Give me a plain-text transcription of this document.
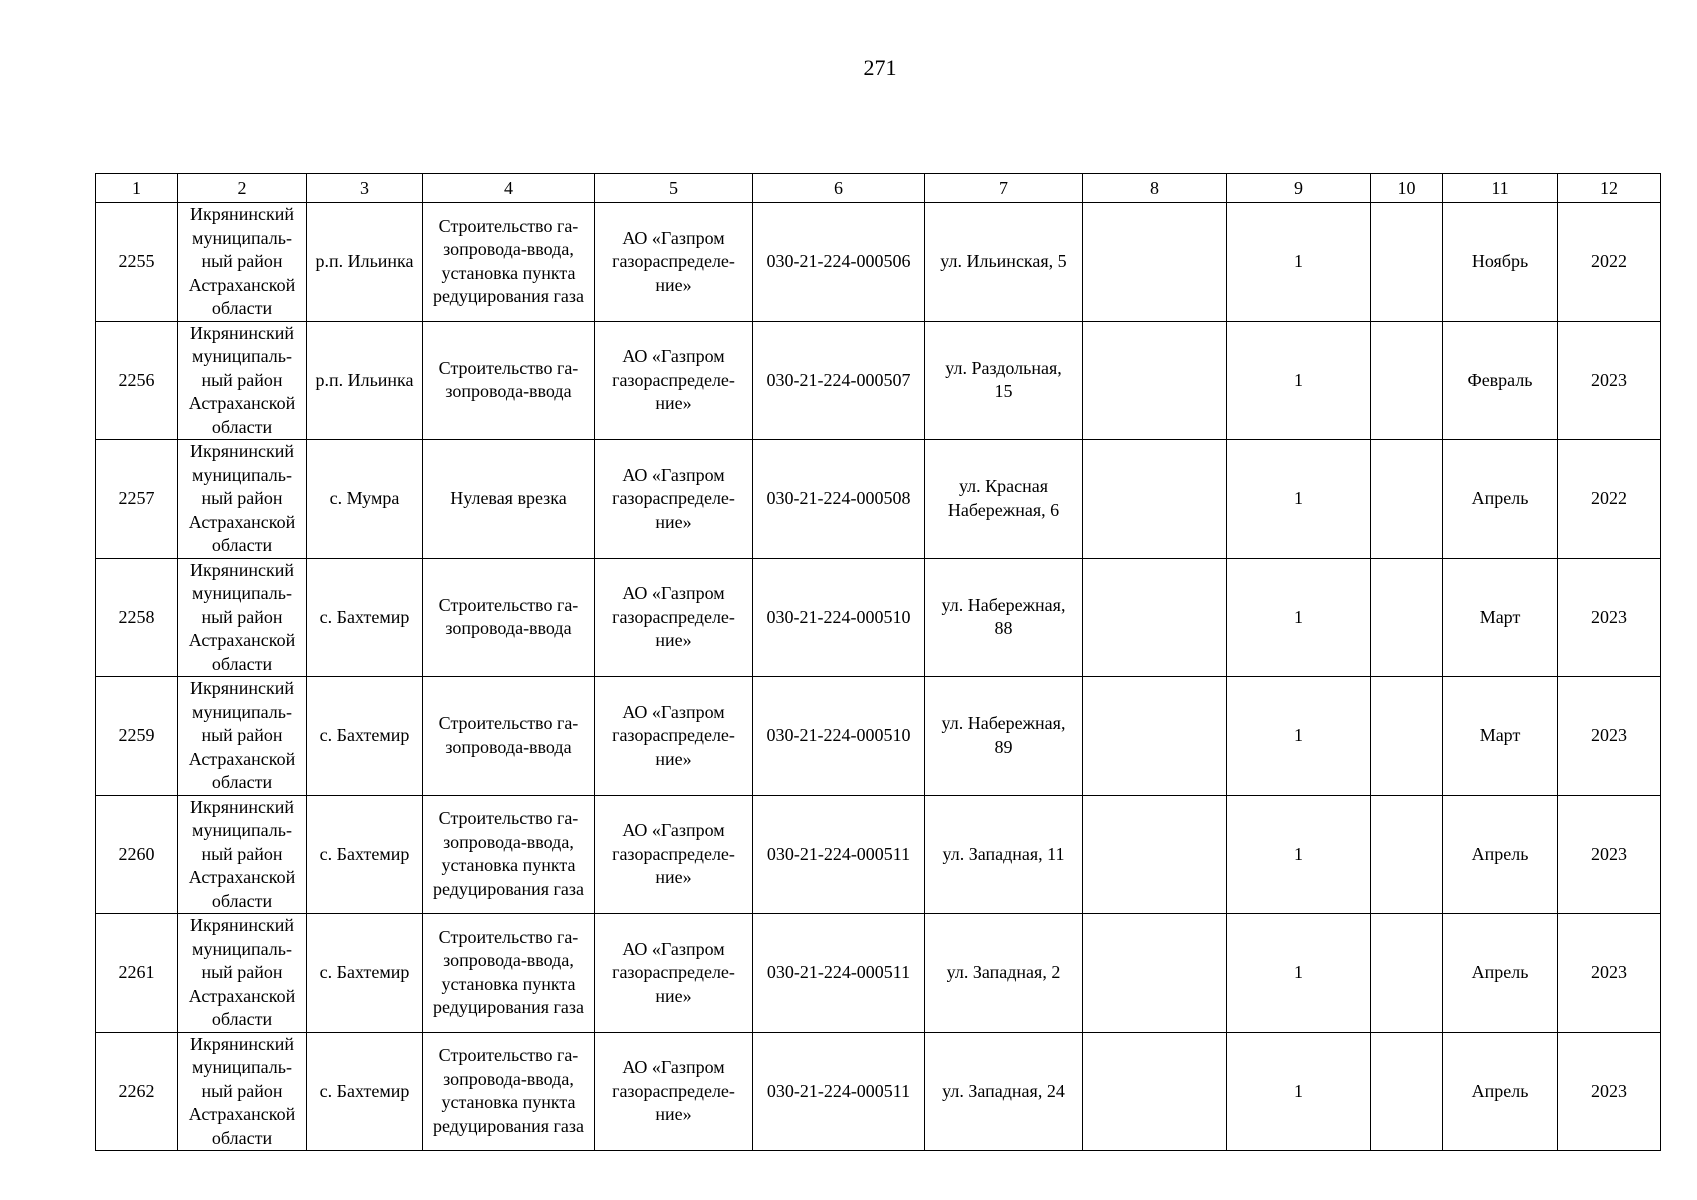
271
1	2	3	4	5	6	7	8	9	10	11	12
2255	Икрянинский
муниципаль-
ный район
Астраханской
области	р.п. Ильинка	Строительство га-
зопровода-ввода,
установка пункта
редуцирования газа	АО «Газпром
газораспределе-
ние»	030-21-224-000506	ул. Ильинская, 5		1		Ноябрь	2022
2256	Икрянинский
муниципаль-
ный район
Астраханской
области	р.п. Ильинка	Строительство га-
зопровода-ввода	АО «Газпром
газораспределе-
ние»	030-21-224-000507	ул. Раздольная,
15		1		Февраль	2023
2257	Икрянинский
муниципаль-
ный район
Астраханской
области	с. Мумра	Нулевая врезка	АО «Газпром
газораспределе-
ние»	030-21-224-000508	ул. Красная
Набережная, 6		1		Апрель	2022
2258	Икрянинский
муниципаль-
ный район
Астраханской
области	с. Бахтемир	Строительство га-
зопровода-ввода	АО «Газпром
газораспределе-
ние»	030-21-224-000510	ул. Набережная,
88		1		Март	2023
2259	Икрянинский
муниципаль-
ный район
Астраханской
области	с. Бахтемир	Строительство га-
зопровода-ввода	АО «Газпром
газораспределе-
ние»	030-21-224-000510	ул. Набережная,
89		1		Март	2023
2260	Икрянинский
муниципаль-
ный район
Астраханской
области	с. Бахтемир	Строительство га-
зопровода-ввода,
установка пункта
редуцирования газа	АО «Газпром
газораспределе-
ние»	030-21-224-000511	ул. Западная, 11		1		Апрель	2023
2261	Икрянинский
муниципаль-
ный район
Астраханской
области	с. Бахтемир	Строительство га-
зопровода-ввода,
установка пункта
редуцирования газа	АО «Газпром
газораспределе-
ние»	030-21-224-000511	ул. Западная, 2		1		Апрель	2023
2262	Икрянинский
муниципаль-
ный район
Астраханской
области	с. Бахтемир	Строительство га-
зопровода-ввода,
установка пункта
редуцирования газа	АО «Газпром
газораспределе-
ние»	030-21-224-000511	ул. Западная, 24		1		Апрель	2023
